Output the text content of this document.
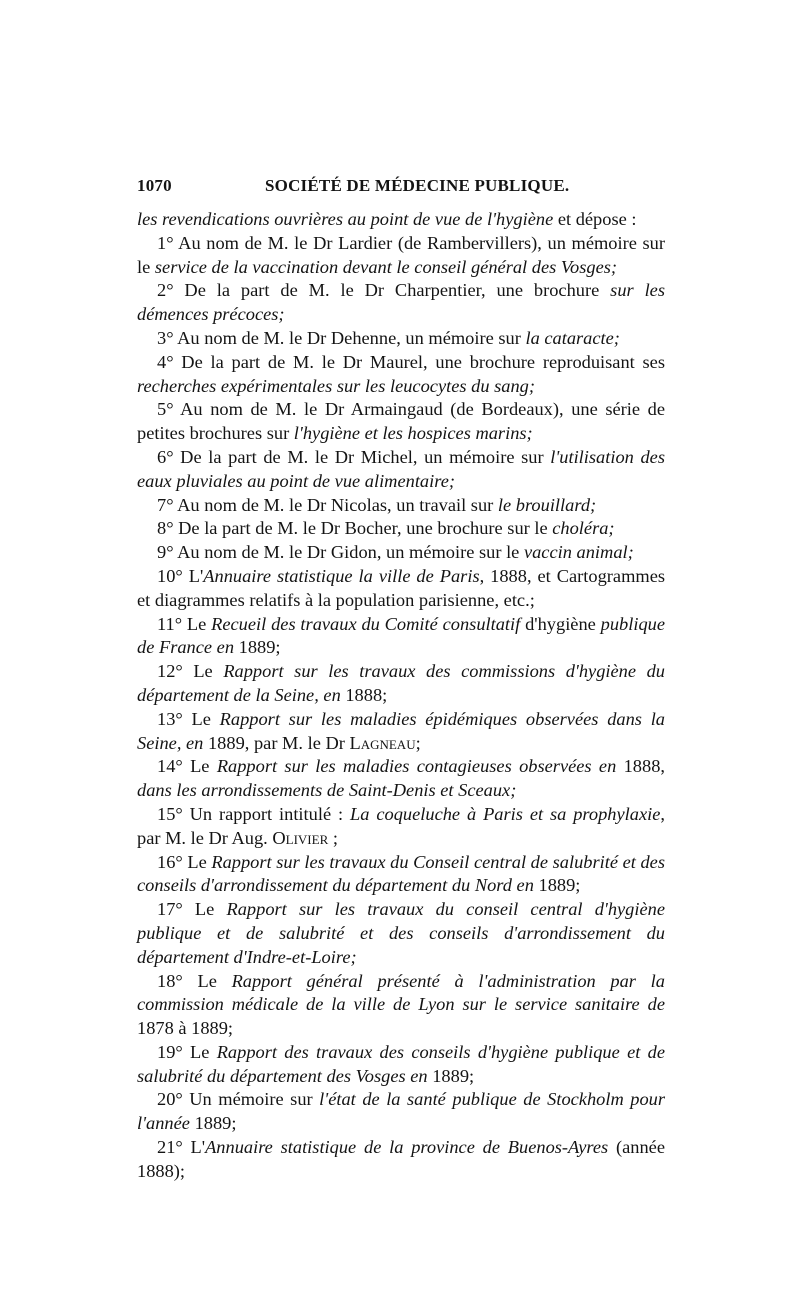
1070	SOCIÉTÉ DE MÉDECINE PUBLIQUE.

les revendications ouvrières au point de vue de l'hygiène et dépose :

1° Au nom de M. le Dr Lardier (de Rambervillers), un mémoire sur le service de la vaccination devant le conseil général des Vosges;

2° De la part de M. le Dr Charpentier, une brochure sur les démences précoces;

3° Au nom de M. le Dr Dehenne, un mémoire sur la cataracte;

4° De la part de M. le Dr Maurel, une brochure reproduisant ses recherches expérimentales sur les leucocytes du sang;

5° Au nom de M. le Dr Armaingaud (de Bordeaux), une série de petites brochures sur l'hygiène et les hospices marins;

6° De la part de M. le Dr Michel, un mémoire sur l'utilisation des eaux pluviales au point de vue alimentaire;

7° Au nom de M. le Dr Nicolas, un travail sur le brouillard;

8° De la part de M. le Dr Bocher, une brochure sur le choléra;

9° Au nom de M. le Dr Gidon, un mémoire sur le vaccin animal;

10° L'Annuaire statistique la ville de Paris, 1888, et Cartogrammes et diagrammes relatifs à la population parisienne, etc.;

11° Le Recueil des travaux du Comité consultatif d'hygiène publique de France en 1889;

12° Le Rapport sur les travaux des commissions d'hygiène du département de la Seine, en 1888;

13° Le Rapport sur les maladies épidémiques observées dans la Seine, en 1889, par M. le Dr Lagneau;

14° Le Rapport sur les maladies contagieuses observées en 1888, dans les arrondissements de Saint-Denis et Sceaux;

15° Un rapport intitulé : La coqueluche à Paris et sa prophylaxie, par M. le Dr Aug. Olivier ;

16° Le Rapport sur les travaux du Conseil central de salubrité et des conseils d'arrondissement du département du Nord en 1889;

17° Le Rapport sur les travaux du conseil central d'hygiène publique et de salubrité et des conseils d'arrondissement du département d'Indre-et-Loire;

18° Le Rapport général présenté à l'administration par la commission médicale de la ville de Lyon sur le service sanitaire de 1878 à 1889;

19° Le Rapport des travaux des conseils d'hygiène publique et de salubrité du département des Vosges en 1889;

20° Un mémoire sur l'état de la santé publique de Stockholm pour l'année 1889;

21° L'Annuaire statistique de la province de Buenos-Ayres (année 1888);
